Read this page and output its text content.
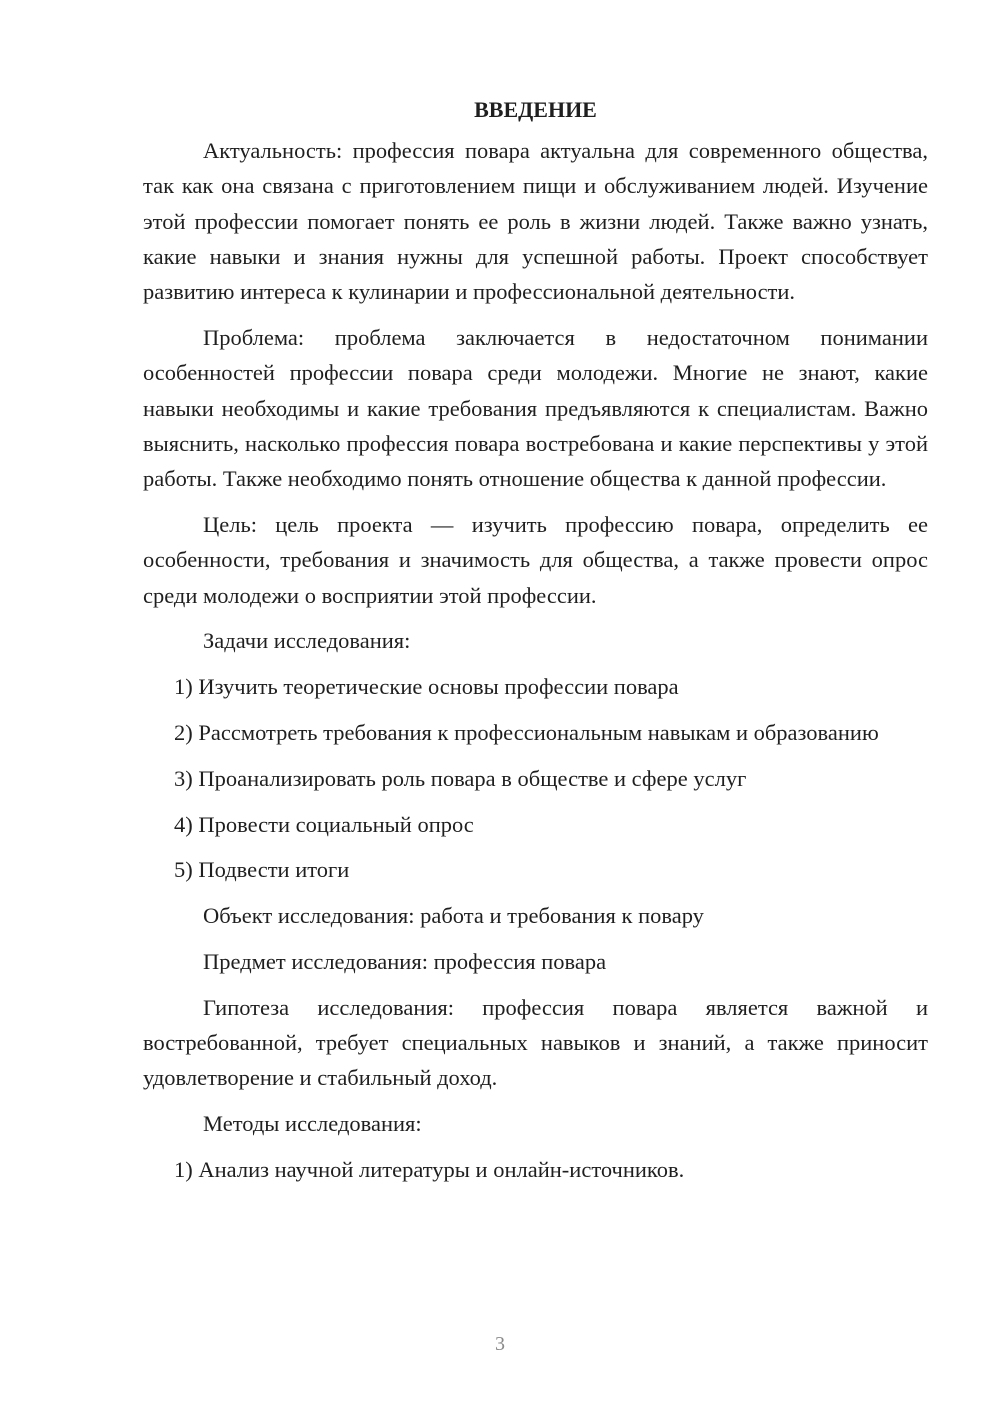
ВВЕДЕНИЕ

Актуальность: профессия повара актуальна для современного общества, так как она связана с приготовлением пищи и обслуживанием людей. Изучение этой профессии помогает понять ее роль в жизни людей. Также важно узнать, какие навыки и знания нужны для успешной работы. Проект способствует развитию интереса к кулинарии и профессиональной деятельности.

Проблема: проблема заключается в недостаточном понимании особенностей профессии повара среди молодежи. Многие не знают, какие навыки необходимы и какие требования предъявляются к специалистам. Важно выяснить, насколько профессия повара востребована и какие перспективы у этой работы. Также необходимо понять отношение общества к данной профессии.

Цель: цель проекта — изучить профессию повара, определить ее особенности, требования и значимость для общества, а также провести опрос среди молодежи о восприятии этой профессии.

Задачи исследования:

1) Изучить теоретические основы профессии повара

2) Рассмотреть требования к профессиональным навыкам и образованию

3) Проанализировать роль повара в обществе и сфере услуг

4) Провести социальный опрос

5) Подвести итоги

Объект исследования: работа и требования к повару

Предмет исследования: профессия повара

Гипотеза исследования: профессия повара является важной и востребованной, требует специальных навыков и знаний, а также приносит удовлетворение и стабильный доход.

Методы исследования:

1) Анализ научной литературы и онлайн-источников.

3
